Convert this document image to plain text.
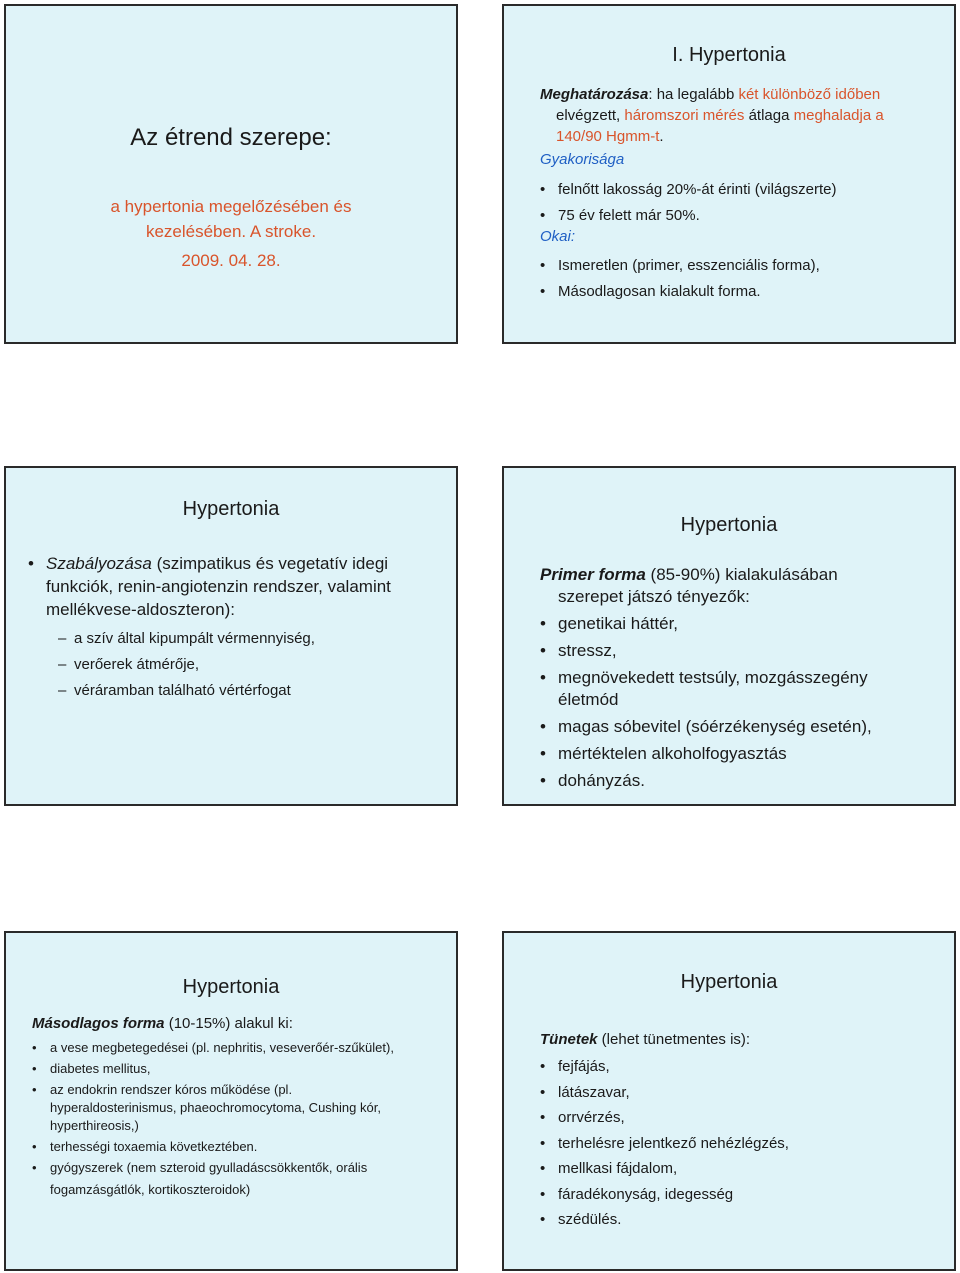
Az étrend szerepe:
a hypertonia megelőzésében és
kezelésében. A stroke.
2009. 04. 28.
I. Hypertonia
Meghatározása: ha legalább két különböző időben
elvégzett, háromszori mérés átlaga meghaladja a
140/90 Hgmm-t.
Gyakorisága
• felnőtt lakosság 20%-át érinti (világszerte)
• 75 év felett már 50%.
Okai:
• Ismeretlen (primer, esszenciális forma),
• Másodlagosan kialakult forma.
Hypertonia
• Szabályozása (szimpatikus és vegetatív idegi
funkciók, renin-angiotenzin rendszer, valamint
mellékvese-aldoszteron):
– a szív által kipumpált vérmennyiség,
– verőerek átmérője,
– véráramban található vértérfogat
Hypertonia
Primer forma (85-90%) kialakulásában
szerepet játszó tényezők:
• genetikai háttér,
• stressz,
• megnövekedett testsúly, mozgásszegény
életmód
• magas sóbevitel (sóérzékenység esetén),
• mértéktelen alkoholfogyasztás
• dohányzás.
Hypertonia
Másodlagos forma (10-15%) alakul ki:
• a vese megbetegedései (pl. nephritis, veseverőér-szűkület),
• diabetes mellitus,
• az endokrin rendszer kóros működése (pl.
hyperaldosterinismus, phaeochromocytoma, Cushing kór,
hyperthireosis,)
• terhességi toxaemia következtében.
• gyógyszerek (nem szteroid gyulladáscsökkentők, orális
fogamzásgátlók, kortikoszteroidok)
Hypertonia
Tünetek (lehet tünetmentes is):
• fejfájás,
• látászavar,
• orrvérzés,
• terhelésre jelentkező nehézlégzés,
• mellkasi fájdalom,
• fáradékonyság, idegesség
• szédülés.
